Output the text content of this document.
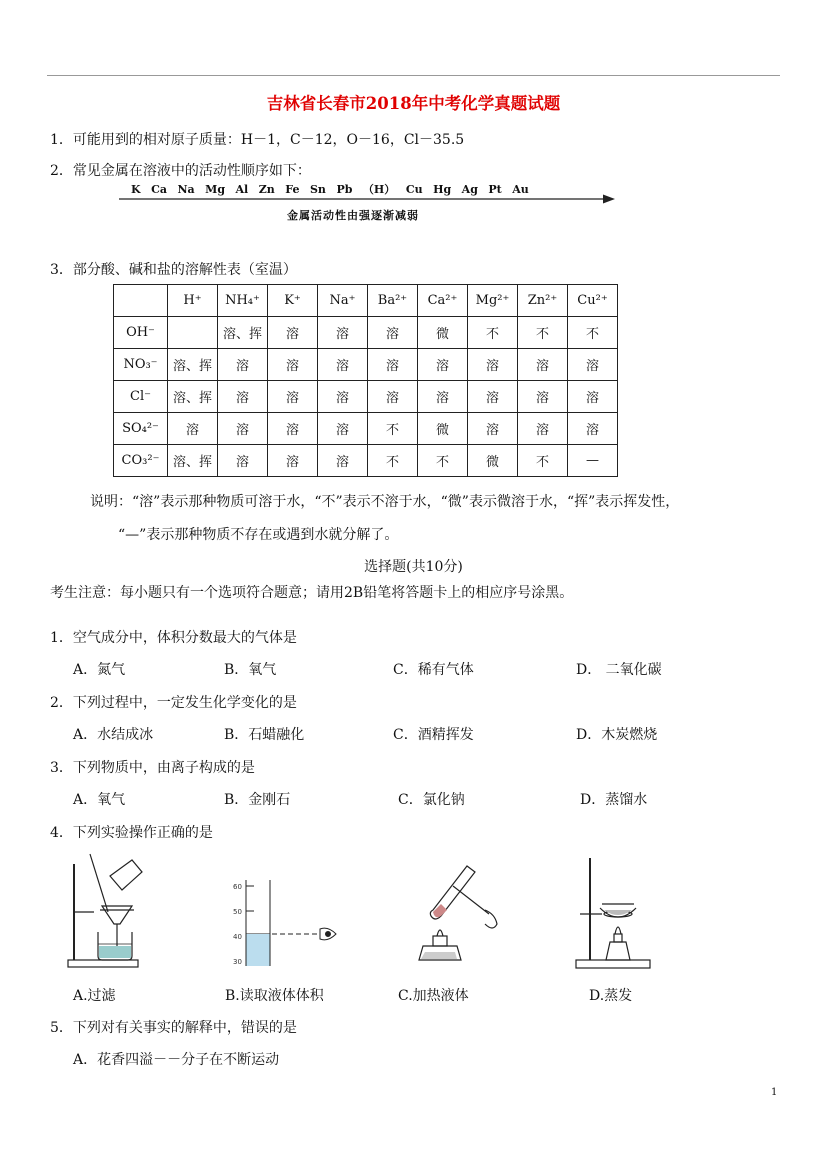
吉林省长春市2018年中考化学真题试题
1．可能用到的相对原子质量：H－1，C－12，O－16，Cl－35.5
2．常见金属在溶液中的活动性顺序如下：
K Ca Na Mg Al Zn Fe Sn Pb （H） Cu Hg Ag Pt Au
金属活动性由强逐渐减弱
3．部分酸、碱和盐的溶解性表（室温）
	H⁺	NH₄⁺	K⁺	Na⁺	Ba²⁺	Ca²⁺	Mg²⁺	Zn²⁺	Cu²⁺
OH⁻		溶、挥	溶	溶	溶	微	不	不	不
NO₃⁻	溶、挥	溶	溶	溶	溶	溶	溶	溶	溶
Cl⁻	溶、挥	溶	溶	溶	溶	溶	溶	溶	溶
SO₄²⁻	溶	溶	溶	溶	不	微	溶	溶	溶
CO₃²⁻	溶、挥	溶	溶	溶	不	不	微	不	—
说明：“溶”表示那种物质可溶于水，“不”表示不溶于水，“微”表示微溶于水，“挥”表示挥发性，
“—”表示那种物质不存在或遇到水就分解了。
选择题(共10分)
考生注意：每小题只有一个选项符合题意；请用2B铅笔将答题卡上的相应序号涂黑。
1．空气成分中，体积分数最大的气体是
A．氮气	B．氧气	C．稀有气体	D． 二氧化碳
2．下列过程中，一定发生化学变化的是
A．水结成冰	B．石蜡融化	C．酒精挥发	D．木炭燃烧
3．下列物质中，由离子构成的是
A．氧气	B．金刚石	C．氯化钠	D．蒸馏水
4．下列实验操作正确的是
A.过滤
60
50
40
30
B.读取液体体积	C.加热液体	D.蒸发
5．下列对有关事实的解释中，错误的是
A．花香四溢－－分子在不断运动
1
